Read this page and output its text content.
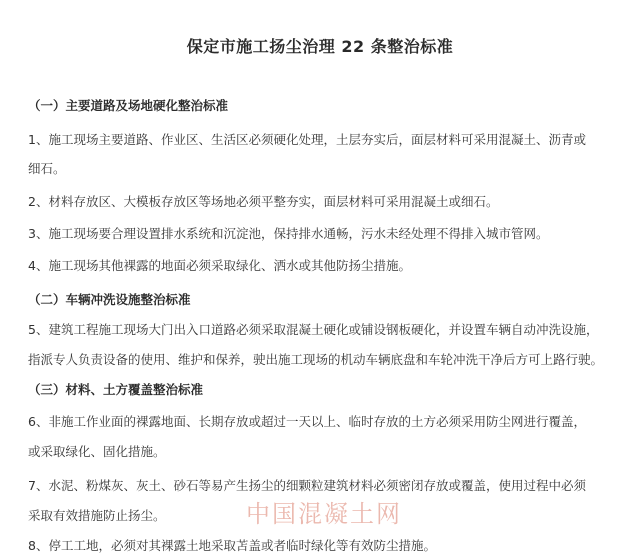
保定市施工扬尘治理 22 条整治标准
（一）主要道路及场地硬化整治标准
1、施工现场主要道路、作业区、生活区必须硬化处理，土层夯实后，面层材料可采用混凝土、沥青或
细石。
2、材料存放区、大模板存放区等场地必须平整夯实，面层材料可采用混凝土或细石。
3、施工现场要合理设置排水系统和沉淀池，保持排水通畅，污水未经处理不得排入城市管网。
4、施工现场其他裸露的地面必须采取绿化、洒水或其他防扬尘措施。
（二）车辆冲洗设施整治标准
5、建筑工程施工现场大门出入口道路必须采取混凝土硬化或铺设钢板硬化，并设置车辆自动冲洗设施，
指派专人负责设备的使用、维护和保养，驶出施工现场的机动车辆底盘和车轮冲洗干净后方可上路行驶。
（三）材料、土方覆盖整治标准
6、非施工作业面的裸露地面、长期存放或超过一天以上、临时存放的土方必须采用防尘网进行覆盖，
或采取绿化、固化措施。
7、水泥、粉煤灰、灰土、砂石等易产生扬尘的细颗粒建筑材料必须密闭存放或覆盖，使用过程中必须
采取有效措施防止扬尘。
8、停工工地，必须对其裸露土地采取苫盖或者临时绿化等有效防尘措施。
中国混凝土网
